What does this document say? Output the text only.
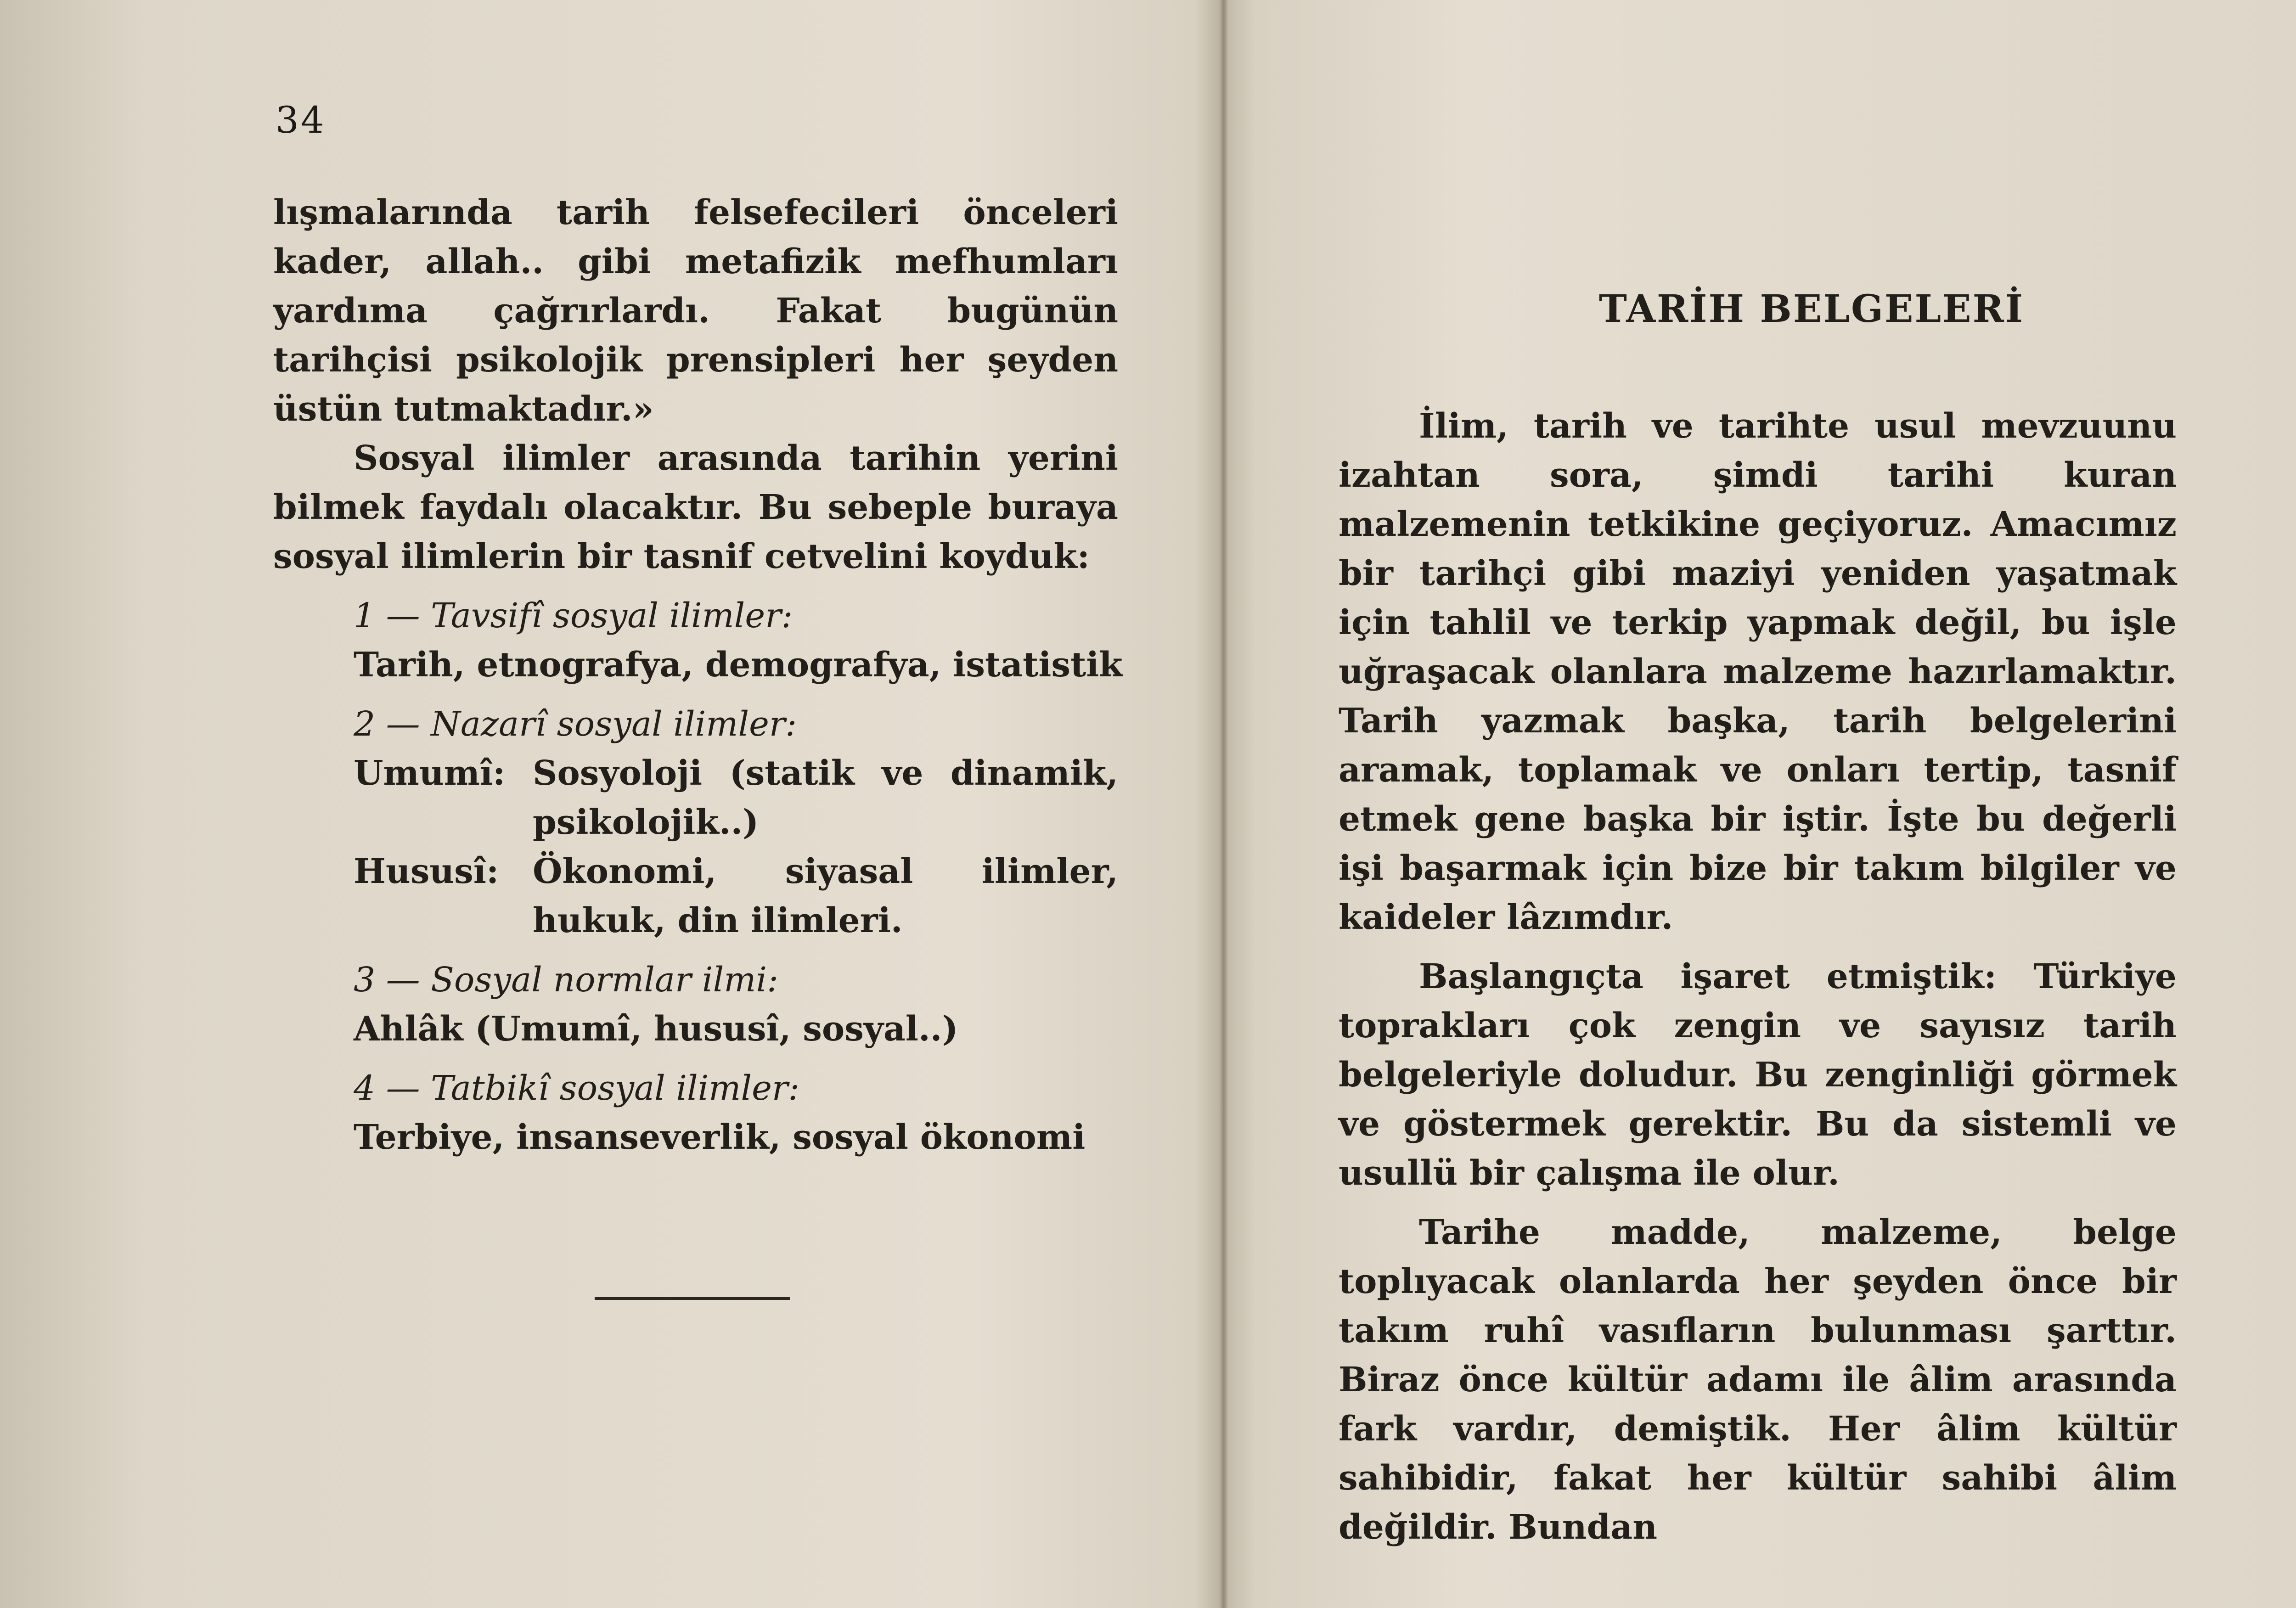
34

lışmalarında tarih felsefecileri önceleri kader, allah.. gibi metafizik mefhumları yardıma çağrırlardı. Fakat bugünün tarihçisi psikolojik prensipleri her şeyden üstün tutmaktadır.»

Sosyal ilimler arasında tarihin yerini bilmek faydalı olacaktır. Bu sebeple buraya sosyal ilimlerin bir tasnif cetvelini koyduk:

1 — Tavsifî sosyal ilimler:
Tarih, etnografya, demografya, istatistik
2 — Nazarî sosyal ilimler:
Umumî: Sosyoloji (statik ve dinamik, psikolojik..)
Hususî: Ökonomi, siyasal ilimler, hukuk, din ilimleri.
3 — Sosyal normlar ilmi:
Ahlâk (Umumî, hususî, sosyal..)
4 — Tatbikî sosyal ilimler:
Terbiye, insanseverlik, sosyal ökonomi
TARİH BELGELERİ

İlim, tarih ve tarihte usul mevzuunu izahtan sora, şimdi tarihi kuran malzemenin tetkikine geçiyoruz. Amacımız bir tarihçi gibi maziyi yeniden yaşatmak için tahlil ve terkip yapmak değil, bu işle uğraşacak olanlara malzeme hazırlamaktır. Tarih yazmak başka, tarih belgelerini aramak, toplamak ve onları tertip, tasnif etmek gene başka bir iştir. İşte bu değerli işi başarmak için bize bir takım bilgiler ve kaideler lâzımdır.

Başlangıçta işaret etmiştik: Türkiye toprakları çok zengin ve sayısız tarih belgeleriyle doludur. Bu zenginliği görmek ve göstermek gerektir. Bu da sistemli ve usullü bir çalışma ile olur.

Tarihe madde, malzeme, belge toplıyacak olanlarda her şeyden önce bir takım ruhî vasıfların bulunması şarttır. Biraz önce kültür adamı ile âlim arasında fark vardır, demiştik. Her âlim kültür sahibidir, fakat her kültür sahibi âlim değildir. Bundan
